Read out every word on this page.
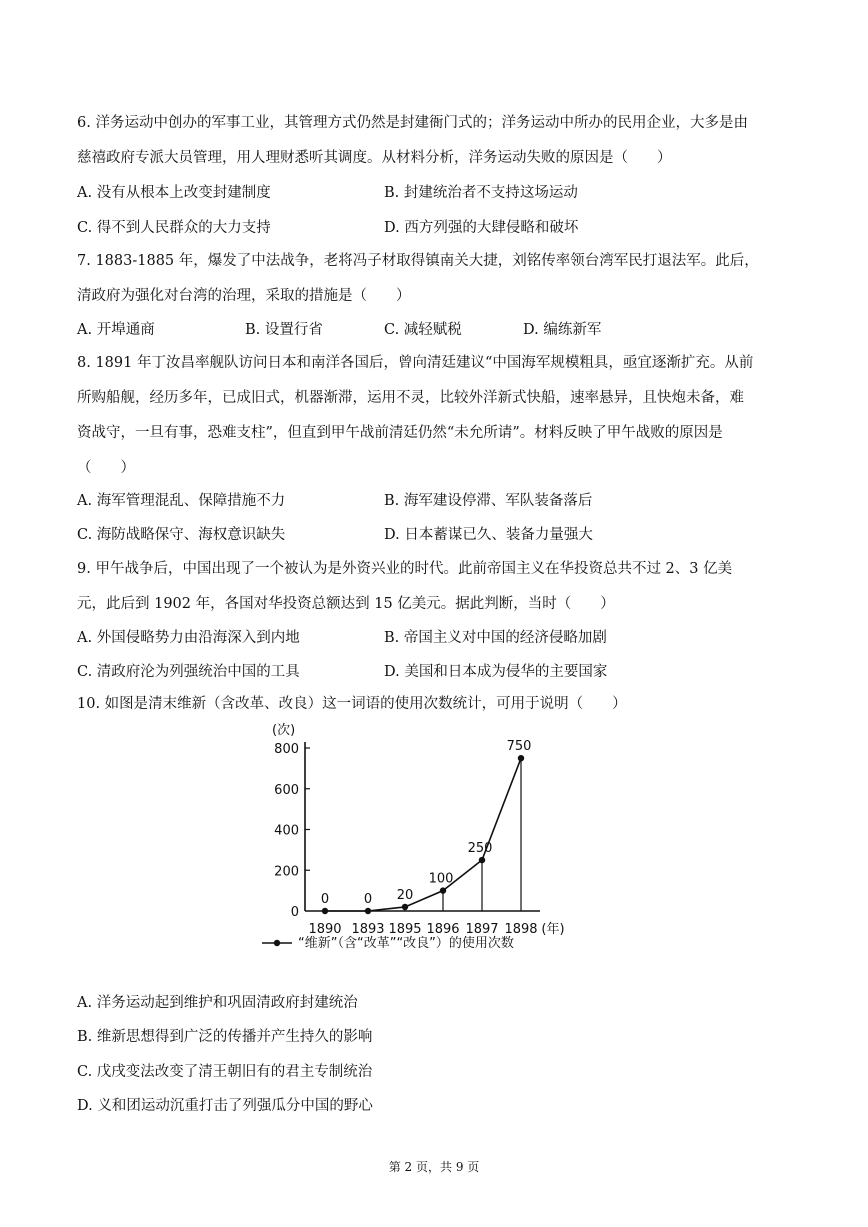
6. 洋务运动中创办的军事工业，其管理方式仍然是封建衙门式的；洋务运动中所办的民用企业，大多是由
慈禧政府专派大员管理，用人理财悉听其调度。从材料分析，洋务运动失败的原因是（　　）
A. 没有从根本上改变封建制度	B. 封建统治者不支持这场运动
C. 得不到人民群众的大力支持	D. 西方列强的大肆侵略和破坏
7. 1883-1885 年，爆发了中法战争，老将冯子材取得镇南关大捷，刘铭传率领台湾军民打退法军。此后，
清政府为强化对台湾的治理，采取的措施是（　　）
A. 开埠通商	B. 设置行省	C. 减轻赋税	D. 编练新军
8. 1891 年丁汝昌率舰队访问日本和南洋各国后，曾向清廷建议“中国海军规模粗具，亟宜逐渐扩充。从前
所购船舰，经历多年，已成旧式，机器渐滞，运用不灵，比较外洋新式快船，速率悬异，且快炮未备，难
资战守，一旦有事，恐难支柱”，但直到甲午战前清廷仍然“未允所请”。材料反映了甲午战败的原因是
（　　）
A. 海军管理混乱、保障措施不力	B. 海军建设停滞、军队装备落后
C. 海防战略保守、海权意识缺失	D. 日本蓄谋已久、装备力量强大
9. 甲午战争后，中国出现了一个被认为是外资兴业的时代。此前帝国主义在华投资总共不过 2、3 亿美
元，此后到 1902 年，各国对华投资总额达到 15 亿美元。据此判断，当时（　　）
A. 外国侵略势力由沿海深入到内地	B. 帝国主义对中国的经济侵略加剧
C. 清政府沦为列强统治中国的工具	D. 美国和日本成为侵华的主要国家
10. 如图是清末维新（含改革、改良）这一词语的使用次数统计，可用于说明（　　）
(次)
0
200
400
600
800
1890 1893 1895 1896 1897 1898 (年)
0	0 20
100
250
750
“维新”（含“改革”“改良”）的使用次数
A. 洋务运动起到维护和巩固清政府封建统治
B. 维新思想得到广泛的传播并产生持久的影响
C. 戊戌变法改变了清王朝旧有的君主专制统治
D. 义和团运动沉重打击了列强瓜分中国的野心
第 2 页，共 9 页
